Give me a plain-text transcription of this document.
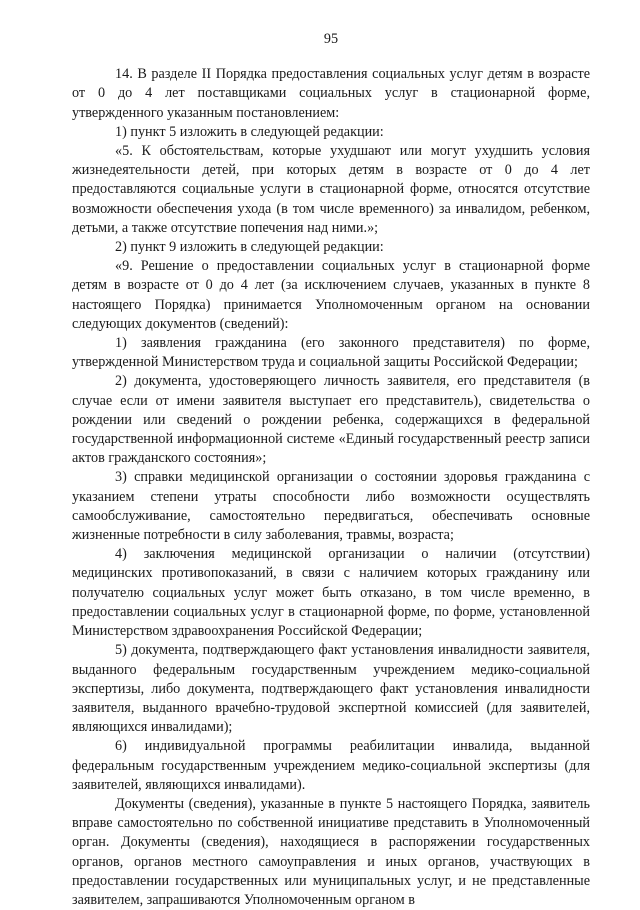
95

14. В разделе II Порядка предоставления социальных услуг детям в возрасте от 0 до 4 лет поставщиками социальных услуг в стационарной форме, утвержденного указанным постановлением:

1) пункт 5 изложить в следующей редакции:

«5. К обстоятельствам, которые ухудшают или могут ухудшить условия жизнедеятельности детей, при которых детям в возрасте от 0 до 4 лет предоставляются социальные услуги в стационарной форме, относятся отсутствие возможности обеспечения ухода (в том числе временного) за инвалидом, ребенком, детьми, а также отсутствие попечения над ними.»;

2) пункт 9 изложить в следующей редакции:

«9. Решение о предоставлении социальных услуг в стационарной форме детям в возрасте от 0 до 4 лет (за исключением случаев, указанных в пункте 8 настоящего Порядка) принимается Уполномоченным органом на основании следующих документов (сведений):

1) заявления гражданина (его законного представителя) по форме, утвержденной Министерством труда и социальной защиты Российской Федерации;

2) документа, удостоверяющего личность заявителя, его представителя (в случае если от имени заявителя выступает его представитель), свидетельства о рождении или сведений о рождении ребенка, содержащихся в федеральной государственной информационной системе «Единый государственный реестр записи актов гражданского состояния»;

3) справки медицинской организации о состоянии здоровья гражданина с указанием степени утраты способности либо возможности осуществлять самообслуживание, самостоятельно передвигаться, обеспечивать основные жизненные потребности в силу заболевания, травмы, возраста;

4) заключения медицинской организации о наличии (отсутствии) медицинских противопоказаний, в связи с наличием которых гражданину или получателю социальных услуг может быть отказано, в том числе временно, в предоставлении социальных услуг в стационарной форме, по форме, установленной Министерством здравоохранения Российской Федерации;

5) документа, подтверждающего факт установления инвалидности заявителя, выданного федеральным государственным учреждением медико-социальной экспертизы, либо документа, подтверждающего факт установления инвалидности заявителя, выданного врачебно-трудовой экспертной комиссией (для заявителей, являющихся инвалидами);

6) индивидуальной программы реабилитации инвалида, выданной федеральным государственным учреждением медико-социальной экспертизы (для заявителей, являющихся инвалидами).

Документы (сведения), указанные в пункте 5 настоящего Порядка, заявитель вправе самостоятельно по собственной инициативе представить в Уполномоченный орган. Документы (сведения), находящиеся в распоряжении государственных органов, органов местного самоуправления и иных органов, участвующих в предоставлении государственных или муниципальных услуг, и не представленные заявителем, запрашиваются Уполномоченным органом в
